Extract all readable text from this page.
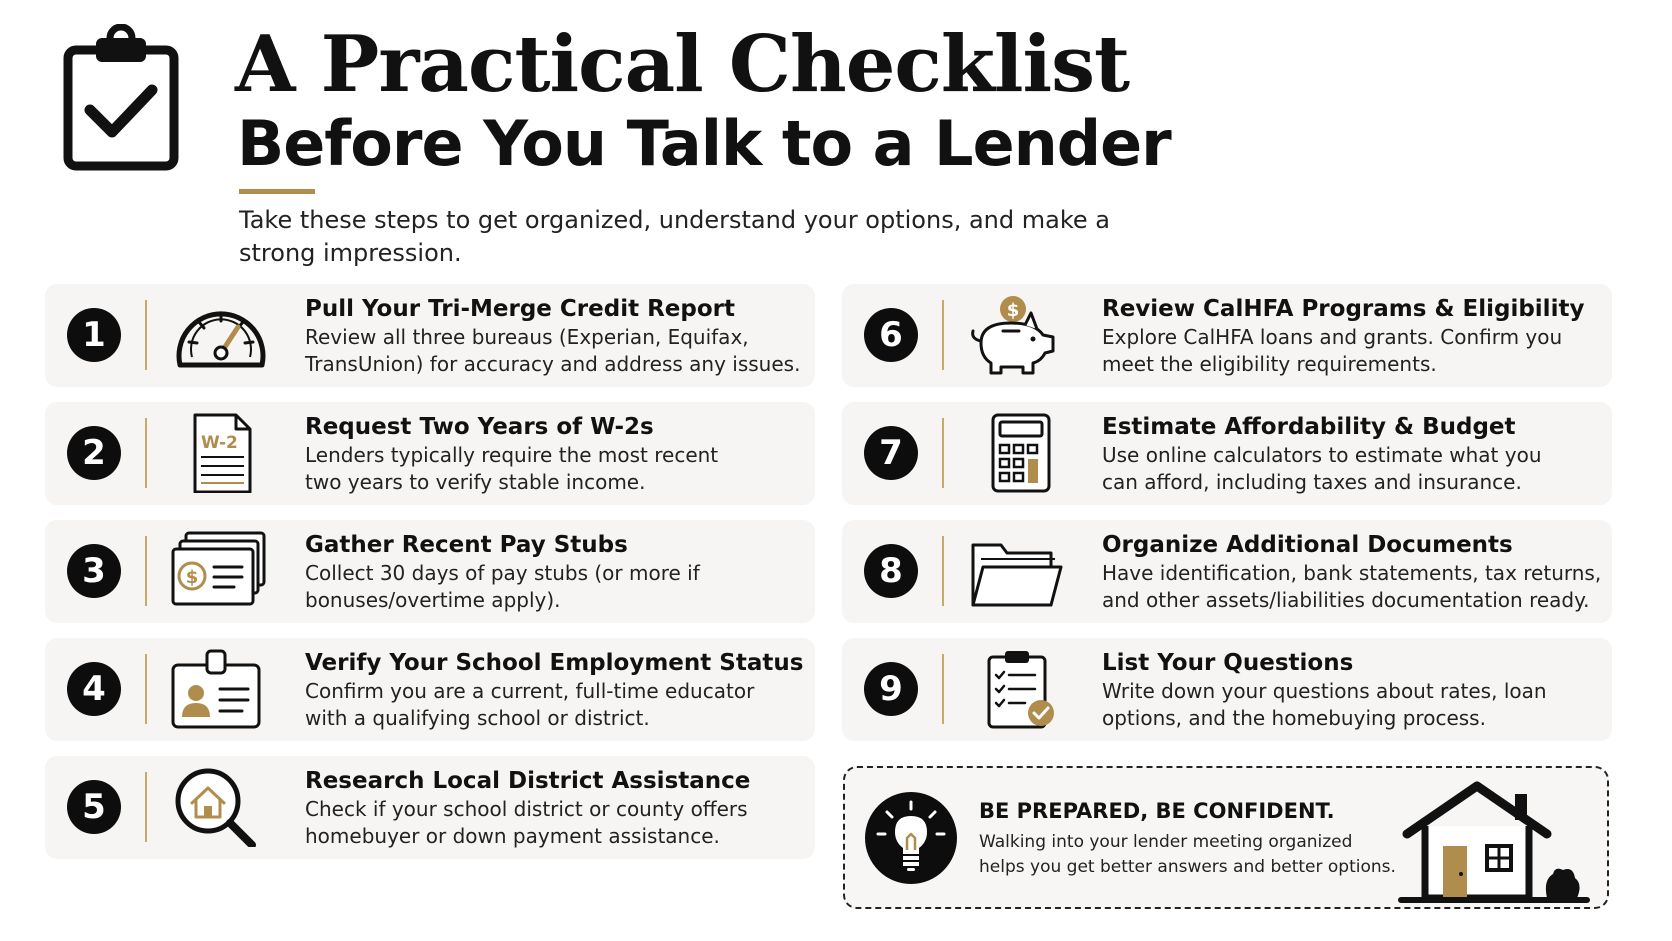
A Practical Checklist
Before You Talk to a Lender

Take these steps to get organized, understand your options, and make a strong impression.

1
Pull Your Tri-Merge Credit Report

Review all three bureaus (Experian, Equifax,
TransUnion) for accuracy and address any issues.

2	W-2
Request Two Years of W-2s

Lenders typically require the most recent
two years to verify stable income.

3	$
Gather Recent Pay Stubs

Collect 30 days of pay stubs (or more if
bonuses/overtime apply).

4
Verify Your School Employment Status

Confirm you are a current, full-time educator
with a qualifying school or district.

5
Research Local District Assistance

Check if your school district or county offers
homebuyer or down payment assistance.

6
$	Review CalHFA Programs & Eligibility

Explore CalHFA loans and grants. Confirm you
meet the eligibility requirements.

7
Estimate Affordability & Budget

Use online calculators to estimate what you
can afford, including taxes and insurance.

8
Organize Additional Documents

Have identification, bank statements, tax returns,
and other assets/liabilities documentation ready.

9
List Your Questions

Write down your questions about rates, loan
options, and the homebuying process.

BE PREPARED, BE CONFIDENT.

Walking into your lender meeting organized
helps you get better answers and better options.
